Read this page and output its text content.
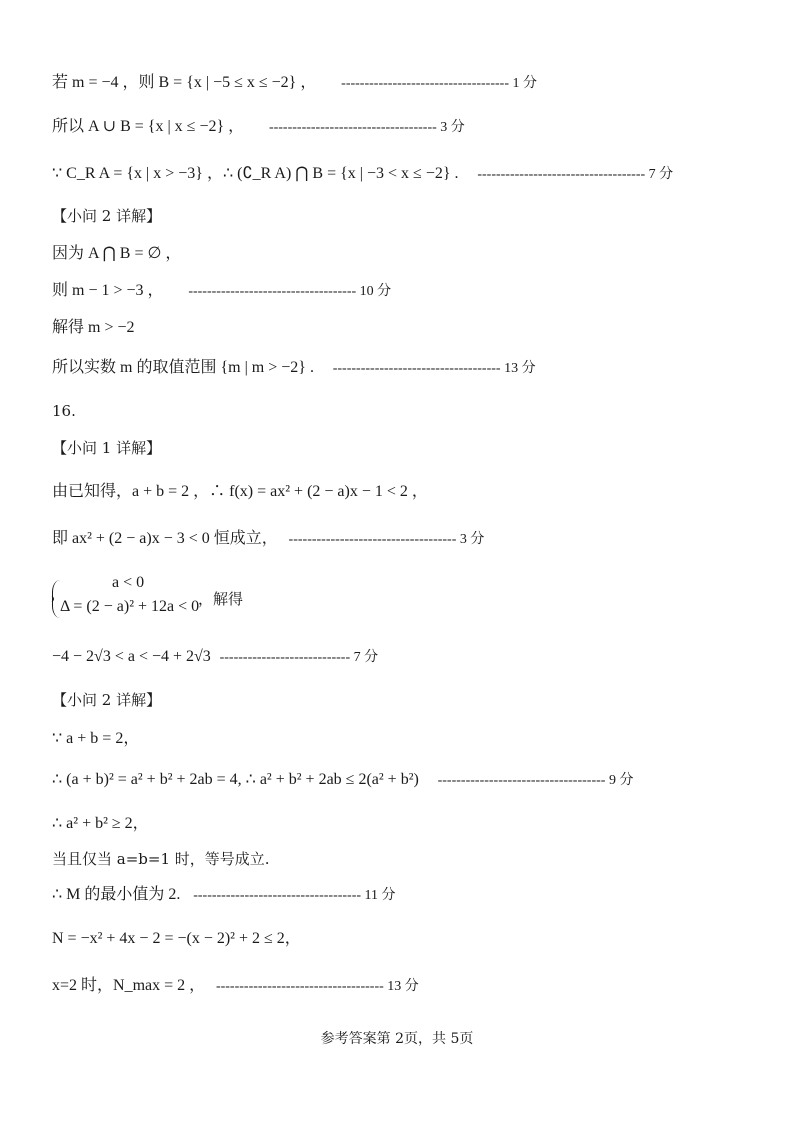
若 m = −4 ，则 B = {x | −5 ≤ x ≤ −2} ， ------------------------------------ 1 分
所以 A ∪ B = {x | x ≤ −2} ， ------------------------------------ 3 分
∵ C_R A = {x | x > −3} ，∴ (∁_R A) ⋂ B = {x | −3 < x ≤ −2} . ------------------------------------ 7 分
【小问 2 详解】
因为 A ⋂ B = ∅ ，
则 m − 1 > −3 ， ------------------------------------ 10 分
解得 m > −2
所以实数 m 的取值范围 {m | m > −2} . ------------------------------------ 13 分
16.
【小问 1 详解】
由已知得，a + b = 2 ，∴ f(x) = ax² + (2 − a)x − 1 < 2 ，
即 ax² + (2 − a)x − 3 < 0 恒成立， ------------------------------------ 3 分
a < 0
Δ = (2 − a)² + 12a < 0
，解得
−4 − 2√3 < a < −4 + 2√3 ---------------------------- 7 分
【小问 2 详解】
∵ a + b = 2，
∴ (a + b)² = a² + b² + 2ab = 4, ∴ a² + b² + 2ab ≤ 2(a² + b²) ------------------------------------ 9 分
∴ a² + b² ≥ 2，
当且仅当 a=b=1 时，等号成立.
∴ M 的最小值为 2. ------------------------------------ 11 分
N = −x² + 4x − 2 = −(x − 2)² + 2 ≤ 2，
x=2 时，N_max = 2 ， ------------------------------------ 13 分
参考答案第 2页，共 5页
